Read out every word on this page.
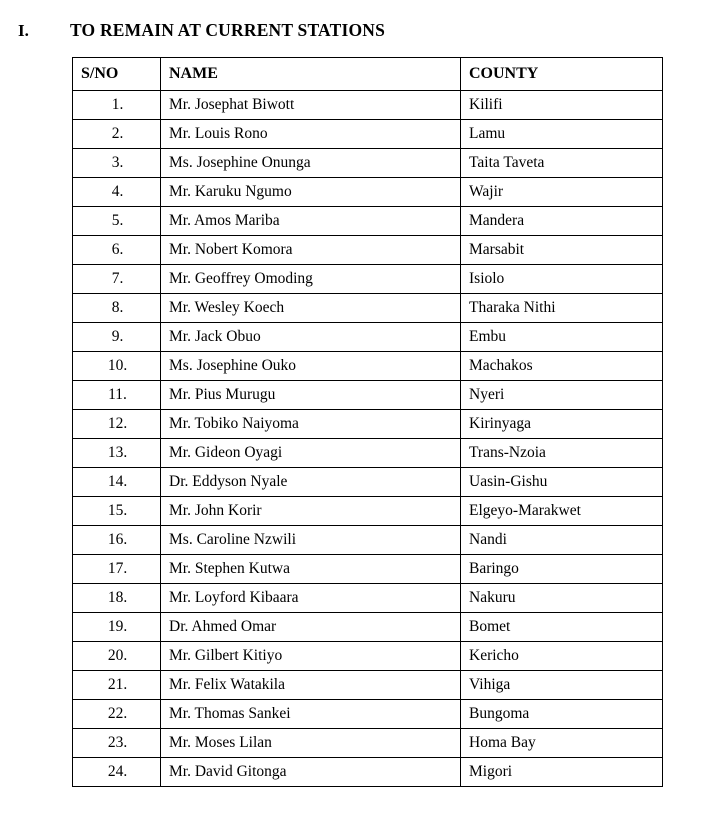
I.	TO REMAIN AT CURRENT STATIONS
S/NO	NAME	COUNTY
1.	Mr. Josephat Biwott	Kilifi
2.	Mr. Louis Rono	Lamu
3.	Ms. Josephine Onunga	Taita Taveta
4.	Mr. Karuku Ngumo	Wajir
5.	Mr. Amos Mariba	Mandera
6.	Mr. Nobert Komora	Marsabit
7.	Mr. Geoffrey Omoding	Isiolo
8.	Mr. Wesley Koech	Tharaka Nithi
9.	Mr. Jack Obuo	Embu
10.	Ms. Josephine Ouko	Machakos
11.	Mr. Pius Murugu	Nyeri
12.	Mr. Tobiko Naiyoma	Kirinyaga
13.	Mr. Gideon Oyagi	Trans-Nzoia
14.	Dr. Eddyson Nyale	Uasin-Gishu
15.	Mr. John Korir	Elgeyo-Marakwet
16.	Ms. Caroline Nzwili	Nandi
17.	Mr. Stephen Kutwa	Baringo
18.	Mr. Loyford Kibaara	Nakuru
19.	Dr. Ahmed Omar	Bomet
20.	Mr. Gilbert Kitiyo	Kericho
21.	Mr. Felix Watakila	Vihiga
22.	Mr. Thomas Sankei	Bungoma
23.	Mr. Moses Lilan	Homa Bay
24.	Mr. David Gitonga	Migori
